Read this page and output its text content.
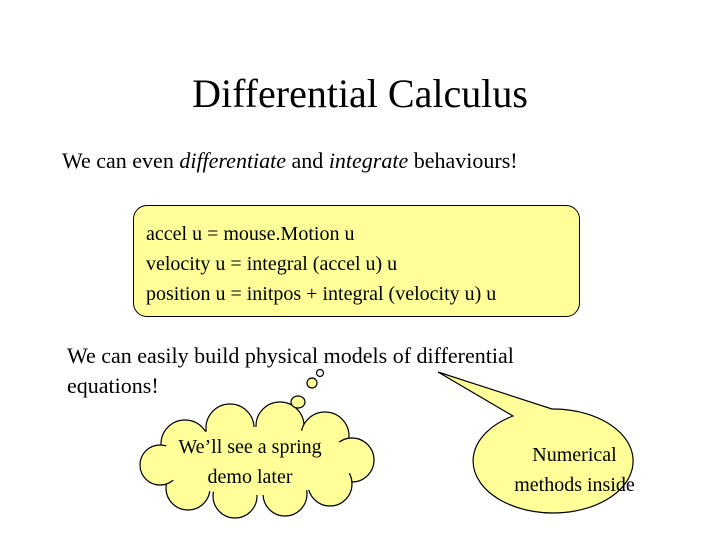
Differential Calculus
We can even differentiate and integrate behaviours!
accel u = mouse.Motion u
velocity u = integral (accel u) u
position u = initpos + integral (velocity u) u
We can easily build physical models of differential equations!
We’ll see a spring
demo later
Numerical
methods inside
